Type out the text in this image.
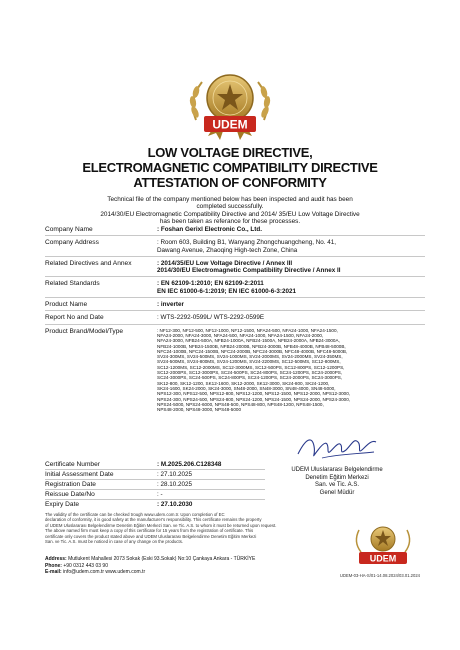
UDEM
LOW VOLTAGE DIRECTIVE,
ELECTROMAGNETIC COMPATIBILITY DIRECTIVE
ATTESTATION OF CONFORMITY
Technical file of the company mentioned below has been inspected and audit has been
completed successfully.
2014/30/EU Electromagnetic Compatibility Directive and 2014/ 35/EU Low Voltage Directive
has been taken as referance for these processes.
Company Name	: Foshan Gerixl Electronic Co., Ltd.
Company Address	: Room 603, Building B1, Wanyang Zhongchuangcheng, No. 41,
Dawang Avenue, Zhaoqing High-tech Zone, China
Related Directives and Annex	: 2014/35/EU Low Voltage Directive / Annex III
2014/30/EU Electromagnetic Compatibility Directive / Annex II
Related Standards	: EN 62109-1:2010; EN 62109-2:2011
EN IEC 61000-6-1:2019; EN IEC 61000-6-3:2021
Product Name	: inverter
Report No and Date	: WTS-2292-0599L/ WTS-2292-0599E
Product Brand/Model/Type	: NF12-300, NF12-500, NF12-1000, NF12-1500, NFA24-500, NFA24-1000, NFA24-1500,
NFA24-2000, NFA24-3000, NFA24-500, NFA24-1000, NFA24-1500, NFA24-2000,
NFA24-3000, NFB24-500A, NFB24-1000A, NFB24-1500A, NFB24-2000A, NFB24-3000A,
NFB24-1000B, NFB24-1500B, NFB24-2000B, NFB24-3000B, NFB48-4000B, NFB48-5000B,
NFC24-1000B, NFC24-1500B, NFC24-2000B, NFC24-3000B, NFC48-4000B, NFC48-5000B,
SV24-300MS, SV24-500MS, SV24-1000MS, SV24-2000MS, SV24-2000MS, SV24-350MS,
SV24-500MS, SV24-800MS, SV24-1200MS, SV24-2200MS, SC12-500MS, SC12-800MS,
SC12-1200MS, SC12-2000MS, SC12-3000MS, SC12-500PS, SC12-800PS, SC12-1200PS,
SC12-2000PS, SC12-3000PS, SC24-500PS, SC24-800PS, SC24-1200PS, SC24-2000PS,
SC24-3000PS, SC24-500PS, SC24-800PS, SC24-1200PS, SC24-2000PS, SC24-3000PS,
SK12-800, SK12-1200, SK12-1600, SK12-2000, SK12-3000, SK24-800, SK24-1200,
SK24-1600, SK24-2000, SK24-3000, SN48-2000, SN48-3000, SN48-4000, SN48-5000,
NPS12-300, NPS12-500, NPS12-800, NPS12-1200, NPS12-1500, NPS12-2000, NPS12-3000,
NPS24-300, NPS24-500, NPS24-800, NPS24-1200, NPS24-1500, NPS24-2000, NPS24-3000,
NPS24-5000, NPS24-6000, NPS48-500, NPS48-800, NPS48-1200, NPS48-1500,
NPS48-2000, NPS48-3000, NPS48-5000
Certificate Number	: M.2025.206.C128348
Initial Assessment Date	: 27.10.2025
Registration Date	: 28.10.2025
Reissue Date/No	: -
Expiry Date	: 27.10.2030
UDEM Uluslararası Belgelendirme
Denetim Eğitim Merkezi
San. ve Tic. A.S.
Genel Müdür
The validity of the certificate can be checked trough www.udem.com.tr. Upon completion of EC
declaration of conformity, it is good safety at the manufacturer's responsibility. This certificate remains the property
of UDEM Uluslararası Belgelendirme Denetim Eğitim Merkezi San. ve Tic. A.S. to whom it must be returned upon request.
The above named firm must keep a copy of this certificate for 15 years from the registration of certificate. This
certificate only covers the product stated above and UDEM Uluslararası Belgelendirme Denetim Eğitim Merkezi
San. ve Tic. A.S. must be noticed in case of any change on the products.
UDEM
Address: Mutlukent Mahallesi 2073 Sokak (Eski 93.Sokak) No:10 Çankaya Ankara - TÜRKİYE
Phone: +90 0312 443 03 90
E-mail: info@udem.com.tr www.udem.com.tr
UDEM-03-HA-S/01-14.08.2024/03.01.2024
